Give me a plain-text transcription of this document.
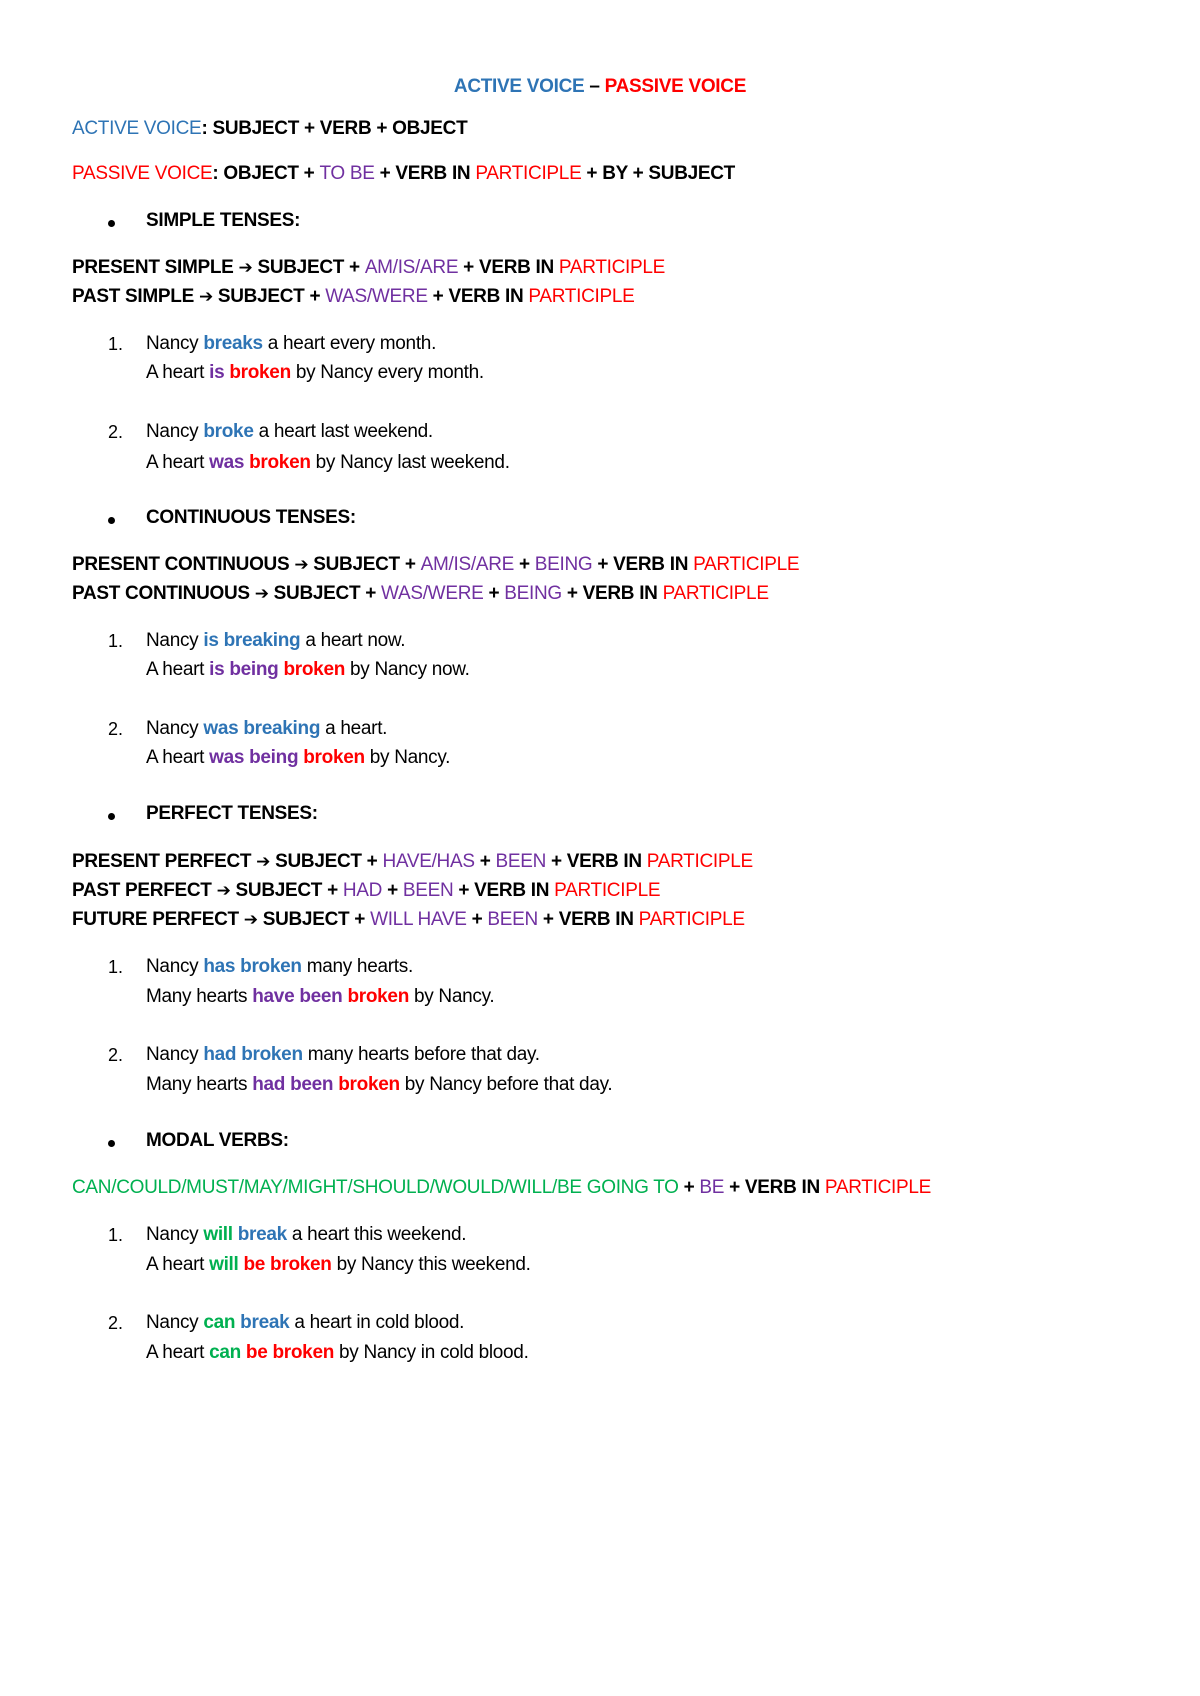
ACTIVE VOICE – PASSIVE VOICE
ACTIVE VOICE: SUBJECT + VERB + OBJECT
PASSIVE VOICE: OBJECT + TO BE + VERB IN PARTICIPLE + BY + SUBJECT
SIMPLE TENSES:
PRESENT SIMPLE ➔ SUBJECT + AM/IS/ARE + VERB IN PARTICIPLE
PAST SIMPLE ➔ SUBJECT + WAS/WERE + VERB IN PARTICIPLE
1. Nancy breaks a heart every month.
A heart is broken by Nancy every month.
2. Nancy broke a heart last weekend.
A heart was broken by Nancy last weekend.
CONTINUOUS TENSES:
PRESENT CONTINUOUS ➔ SUBJECT + AM/IS/ARE + BEING + VERB IN PARTICIPLE
PAST CONTINUOUS ➔ SUBJECT + WAS/WERE + BEING + VERB IN PARTICIPLE
1. Nancy is breaking a heart now.
A heart is being broken by Nancy now.
2. Nancy was breaking a heart.
A heart was being broken by Nancy.
PERFECT TENSES:
PRESENT PERFECT ➔ SUBJECT + HAVE/HAS + BEEN + VERB IN PARTICIPLE
PAST PERFECT ➔ SUBJECT + HAD + BEEN + VERB IN PARTICIPLE
FUTURE PERFECT ➔ SUBJECT + WILL HAVE + BEEN + VERB IN PARTICIPLE
1. Nancy has broken many hearts.
Many hearts have been broken by Nancy.
2. Nancy had broken many hearts before that day.
Many hearts had been broken by Nancy before that day.
MODAL VERBS:
CAN/COULD/MUST/MAY/MIGHT/SHOULD/WOULD/WILL/BE GOING TO + BE + VERB IN PARTICIPLE
1. Nancy will break a heart this weekend.
A heart will be broken by Nancy this weekend.
2. Nancy can break a heart in cold blood.
A heart can be broken by Nancy in cold blood.
